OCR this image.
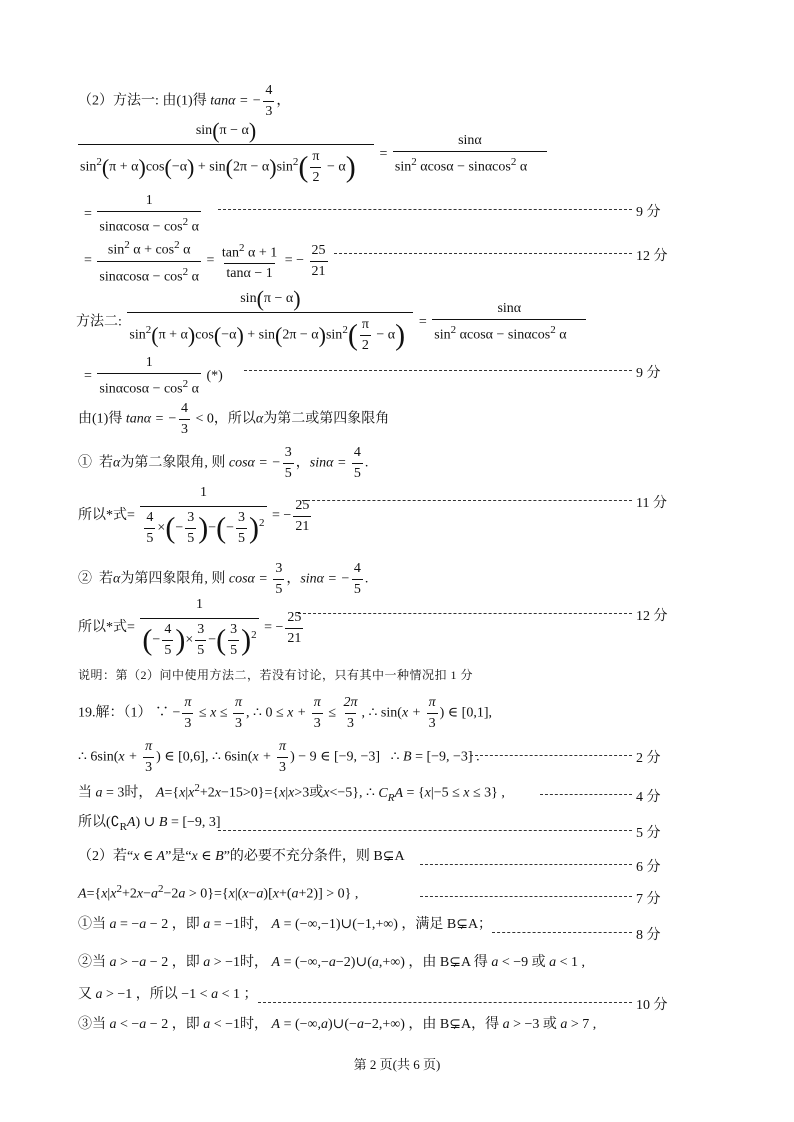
（2）方法一: 由(1)得 tanα = − $\frac{4}{3}$ ，
$\frac{\sin(\pi - \alpha)}{\sin^2(\pi + \alpha)\cos(-\alpha) + \sin(2\pi - \alpha)\sin^2( \frac{\pi}{2} - \alpha)} = \frac{\sin\alpha}{\sin^2 \alpha\cos\alpha - \sin\alpha\cos^2 \alpha}$
= $\frac{1}{\sin\alpha\cos\alpha - \cos^2 \alpha}$	9 分
= $\frac{\sin^2 \alpha + \cos^2 \alpha}{\sin\alpha\cos\alpha - \cos^2 \alpha} = \frac{\tan^2 \alpha + 1}{\tan\alpha - 1}$ = − $\frac{25}{21}$	12 分
方法二: $\frac{\sin(\pi - \alpha)}{\sin^2(\pi + \alpha)\cos(-\alpha) + \sin(2\pi - \alpha)\sin^2( \frac{\pi}{2} - \alpha)} = \frac{\sin\alpha}{\sin^2 \alpha\cos\alpha - \sin\alpha\cos^2 \alpha}$
= $\frac{1}{\sin\alpha\cos\alpha - \cos^2 \alpha}$ (*)	9 分
由(1)得 tanα = − $\frac{4}{3} < 0$，所以α为第二或第四象限角
①  若α为第二象限角, 则 cosα = − $\frac{3}{5}$ ，$\sin\alpha = \frac{4}{5}$ .
所以*式= $\frac{1}{\frac{4}{5} \times(- \frac{3}{5} )-(- \frac{3}{5} )^2}$ = − $\frac{25}{21}$	11 分
②  若α为第四象限角, 则 $\cos\alpha = \frac{3}{5}$ ，sinα = − $\frac{4}{5}$ .
所以*式= $\frac{1}{(- \frac{4}{5} )\times \frac{3}{5} -( \frac{3}{5} )^2}$ = − $\frac{25}{21}$	12 分
说明：第（2）问中使用方法二，若没有讨论，只有其中一种情况扣 1 分
19.解：（1） ∵ − $\frac{\pi}{3} \le x \le \frac{\pi}{3}$ , ∴ $0 \le x + \frac{\pi}{3} \le \frac{2\pi}{3}$ , ∴ $\sin(x + \frac{\pi}{3}$ ) ∈ [0,1],
∴ $6\sin(x + \frac{\pi}{3}$ ) ∈ [0,6], ∴ $6\sin(x + \frac{\pi}{3}$ ) − 9 ∈ [−9, −3]   ∴ B = [−9, −3] .	2 分
当 a = 3时， $A=\{x|x^2+2x-15>0\}=\{x|x>3$或x<−5}, ∴ $C_RA = \{x|-5 \le x \le 3\}$ ,	4 分
所以$(∁_RA)$ ∪ B = [−9, 3]
5 分
（2）若“x ∈ A”是“x ∈ B”的必要不充分条件，则 B⊊A
6 分
$A=\{x|x^2+2x-a^2-2a > 0\}=\{x|(x-a)[x+(a+2)] > 0\}$ ,	7 分
①当 a = −a − 2 ，即 a = −1时， A = (−∞,−1)∪(−1,+∞) ，满足 B⊊A；
8 分
②当 a > −a − 2 ，即 a > −1时， A = (−∞,−a−2)∪(a,+∞) ，由 B⊊A 得 a < −9 或 a < 1 ,
又 a > −1 ，所以 −1 < a < 1 ；
10 分
③当 a < −a − 2 ，即 a < −1时， A = (−∞,a)∪(−a−2,+∞) ，由 B⊊A，得 a > −3 或 a > 7 ,
第 2 页(共 6 页)
